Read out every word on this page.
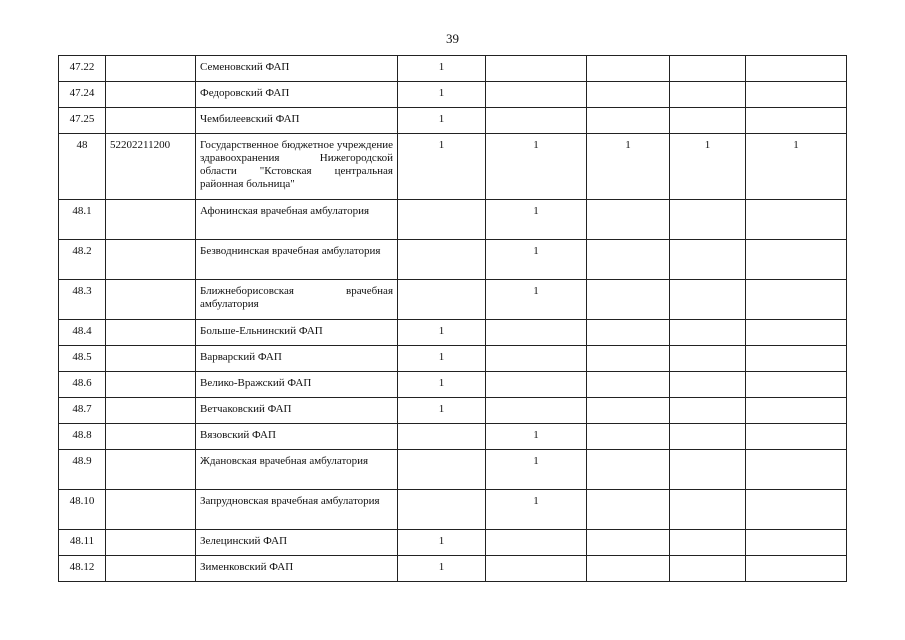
39
47.22		Семеновский ФАП	1				
47.24		Федоровский ФАП	1				
47.25		Чембилеевский ФАП	1				
48	52202211200	Государственное бюджетное учреждение здравоохранения Нижегородской области "Кстовская центральная районная больница"	1	1	1	1	1
48.1		Афонинская врачебная амбулатория		1			
48.2		Безводнинская врачебная амбулатория		1			
48.3		Ближнеборисовская врачебная амбулатория		1			
48.4		Больше-Ельнинский ФАП	1				
48.5		Варварский ФАП	1				
48.6		Велико-Вражский ФАП	1				
48.7		Ветчаковский ФАП	1				
48.8		Вязовский ФАП		1			
48.9		Ждановская врачебная амбулатория		1			
48.10		Запрудновская врачебная амбулатория		1			
48.11		Зелецинский ФАП	1				
48.12		Зименковский ФАП	1				
